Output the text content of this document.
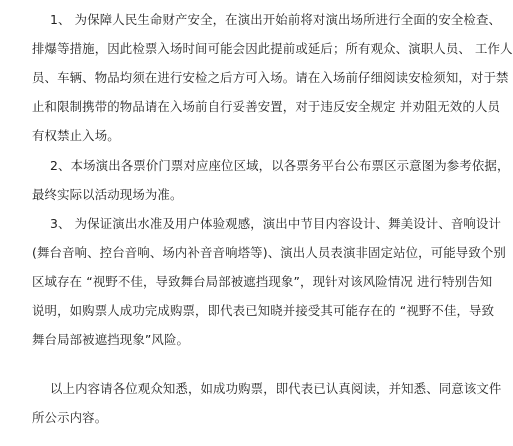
1、 为保障人民生命财产安全，在演出开始前将对演出场所进行全面的安全检查、
排爆等措施，因此检票入场时间可能会因此提前或延后；所有观众、演职人员、 工作人
员、车辆、物品均须在进行安检之后方可入场。请在入场前仔细阅读安检须知，对于禁
止和限制携带的物品请在入场前自行妥善安置，对于违反安全规定 并劝阻无效的人员
有权禁止入场。
2、本场演出各票价门票对应座位区域，以各票务平台公布票区示意图为参考依据，
最终实际以活动现场为准。
3、 为保证演出水准及用户体验观感，演出中节目内容设计、舞美设计、音响设计
(舞台音响、控台音响、场内补音音响塔等)、演出人员表演非固定站位，可能导致个别
区域存在 “视野不佳，导致舞台局部被遮挡现象”，现针对该风险情况 进行特别告知
说明，如购票人成功完成购票，即代表已知晓并接受其可能存在的 “视野不佳，导致
舞台局部被遮挡现象”风险。
以上内容请各位观众知悉，如成功购票，即代表已认真阅读，并知悉、同意该文件
所公示内容。
